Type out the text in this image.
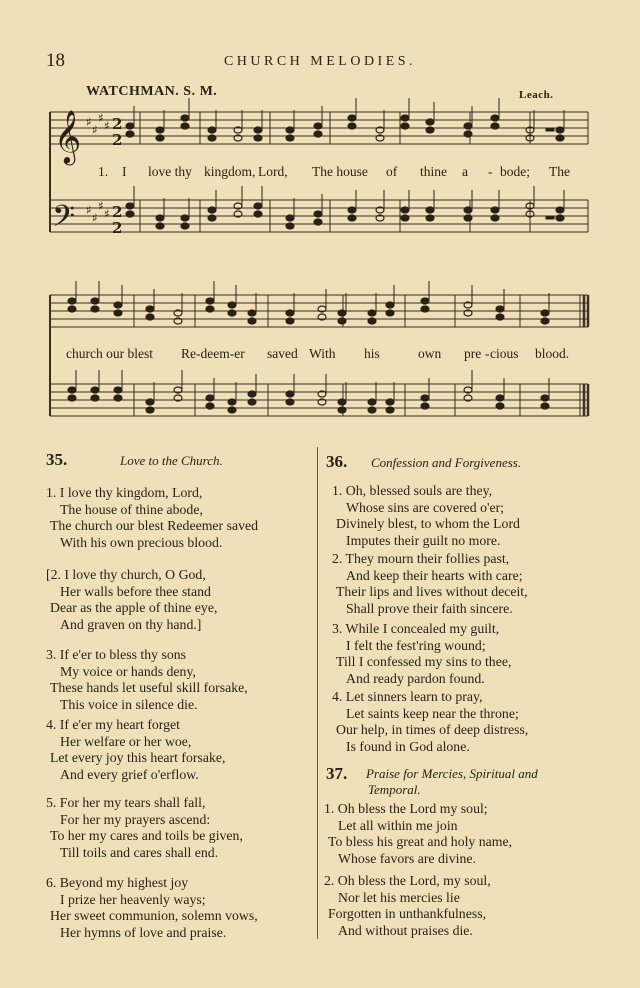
18	CHURCH MELODIES.
WATCHMAN. S. M.	Leach.
𝄞
𝄢
♯
♯
♯
♯
♯
♯
♯
♯
2
2
2
2
1. I love thy kingdom, Lord, The house of thine a - bode; The
church our blest Re-deem-er saved With his	own pre - cious blood.
35.	Love to the Church.
1. I love thy kingdom, Lord,
The house of thine abode,
The church our blest Redeemer saved
With his own precious blood.
[2. I love thy church, O God,
Her walls before thee stand
Dear as the apple of thine eye,
And graven on thy hand.]
3. If e'er to bless thy sons
My voice or hands deny,
These hands let useful skill forsake,
This voice in silence die.
4. If e'er my heart forget
Her welfare or her woe,
Let every joy this heart forsake,
And every grief o'erflow.
5. For her my tears shall fall,
For her my prayers ascend:
To her my cares and toils be given,
Till toils and cares shall end.
6. Beyond my highest joy
I prize her heavenly ways;
Her sweet communion, solemn vows,
Her hymns of love and praise.
36. Confession and Forgiveness.
1. Oh, blessed souls are they,
Whose sins are covered o'er;
Divinely blest, to whom the Lord
Imputes their guilt no more.
2. They mourn their follies past,
And keep their hearts with care;
Their lips and lives without deceit,
Shall prove their faith sincere.
3. While I concealed my guilt,
I felt the fest'ring wound;
Till I confessed my sins to thee,
And ready pardon found.
4. Let sinners learn to pray,
Let saints keep near the throne;
Our help, in times of deep distress,
Is found in God alone.
37. Praise for Mercies, Spiritual and
Temporal.
1. Oh bless the Lord my soul;
Let all within me join
To bless his great and holy name,
Whose favors are divine.
2. Oh bless the Lord, my soul,
Nor let his mercies lie
Forgotten in unthankfulness,
And without praises die.
